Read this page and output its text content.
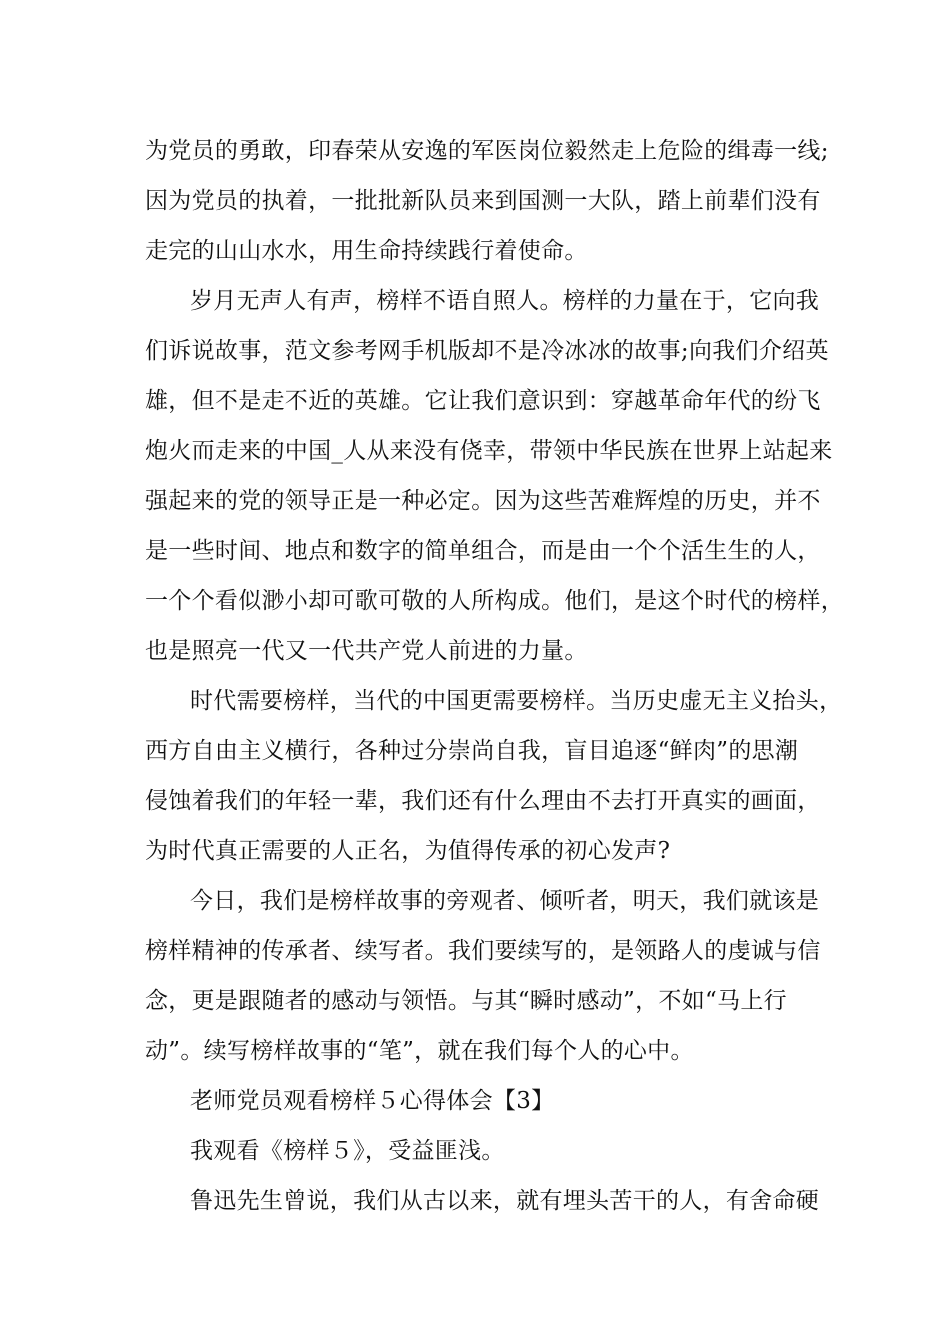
为党员的勇敢，印春荣从安逸的军医岗位毅然走上危险的缉毒一线;
因为党员的执着，一批批新队员来到国测一大队，踏上前辈们没有
走完的山山水水，用生命持续践行着使命。
岁月无声人有声，榜样不语自照人。榜样的力量在于，它向我
们诉说故事，范文参考网手机版却不是冷冰冰的故事;向我们介绍英
雄，但不是走不近的英雄。它让我们意识到：穿越革命年代的纷飞
炮火而走来的中国_人从来没有侥幸，带领中华民族在世界上站起来
强起来的党的领导正是一种必定。因为这些苦难辉煌的历史，并不
是一些时间、地点和数字的简单组合，而是由一个个活生生的人，
一个个看似渺小却可歌可敬的人所构成。他们，是这个时代的榜样，
也是照亮一代又一代共产党人前进的力量。
时代需要榜样，当代的中国更需要榜样。当历史虚无主义抬头，
西方自由主义横行，各种过分崇尚自我，盲目追逐“鲜肉”的思潮
侵蚀着我们的年轻一辈，我们还有什么理由不去打开真实的画面，
为时代真正需要的人正名，为值得传承的初心发声?
今日，我们是榜样故事的旁观者、倾听者，明天，我们就该是
榜样精神的传承者、续写者。我们要续写的，是领路人的虔诚与信
念，更是跟随者的感动与领悟。与其“瞬时感动”，不如“马上行
动”。续写榜样故事的“笔”，就在我们每个人的心中。
老师党员观看榜样５心得体会【3】
我观看《榜样５》，受益匪浅。
鲁迅先生曾说，我们从古以来，就有埋头苦干的人，有舍命硬
